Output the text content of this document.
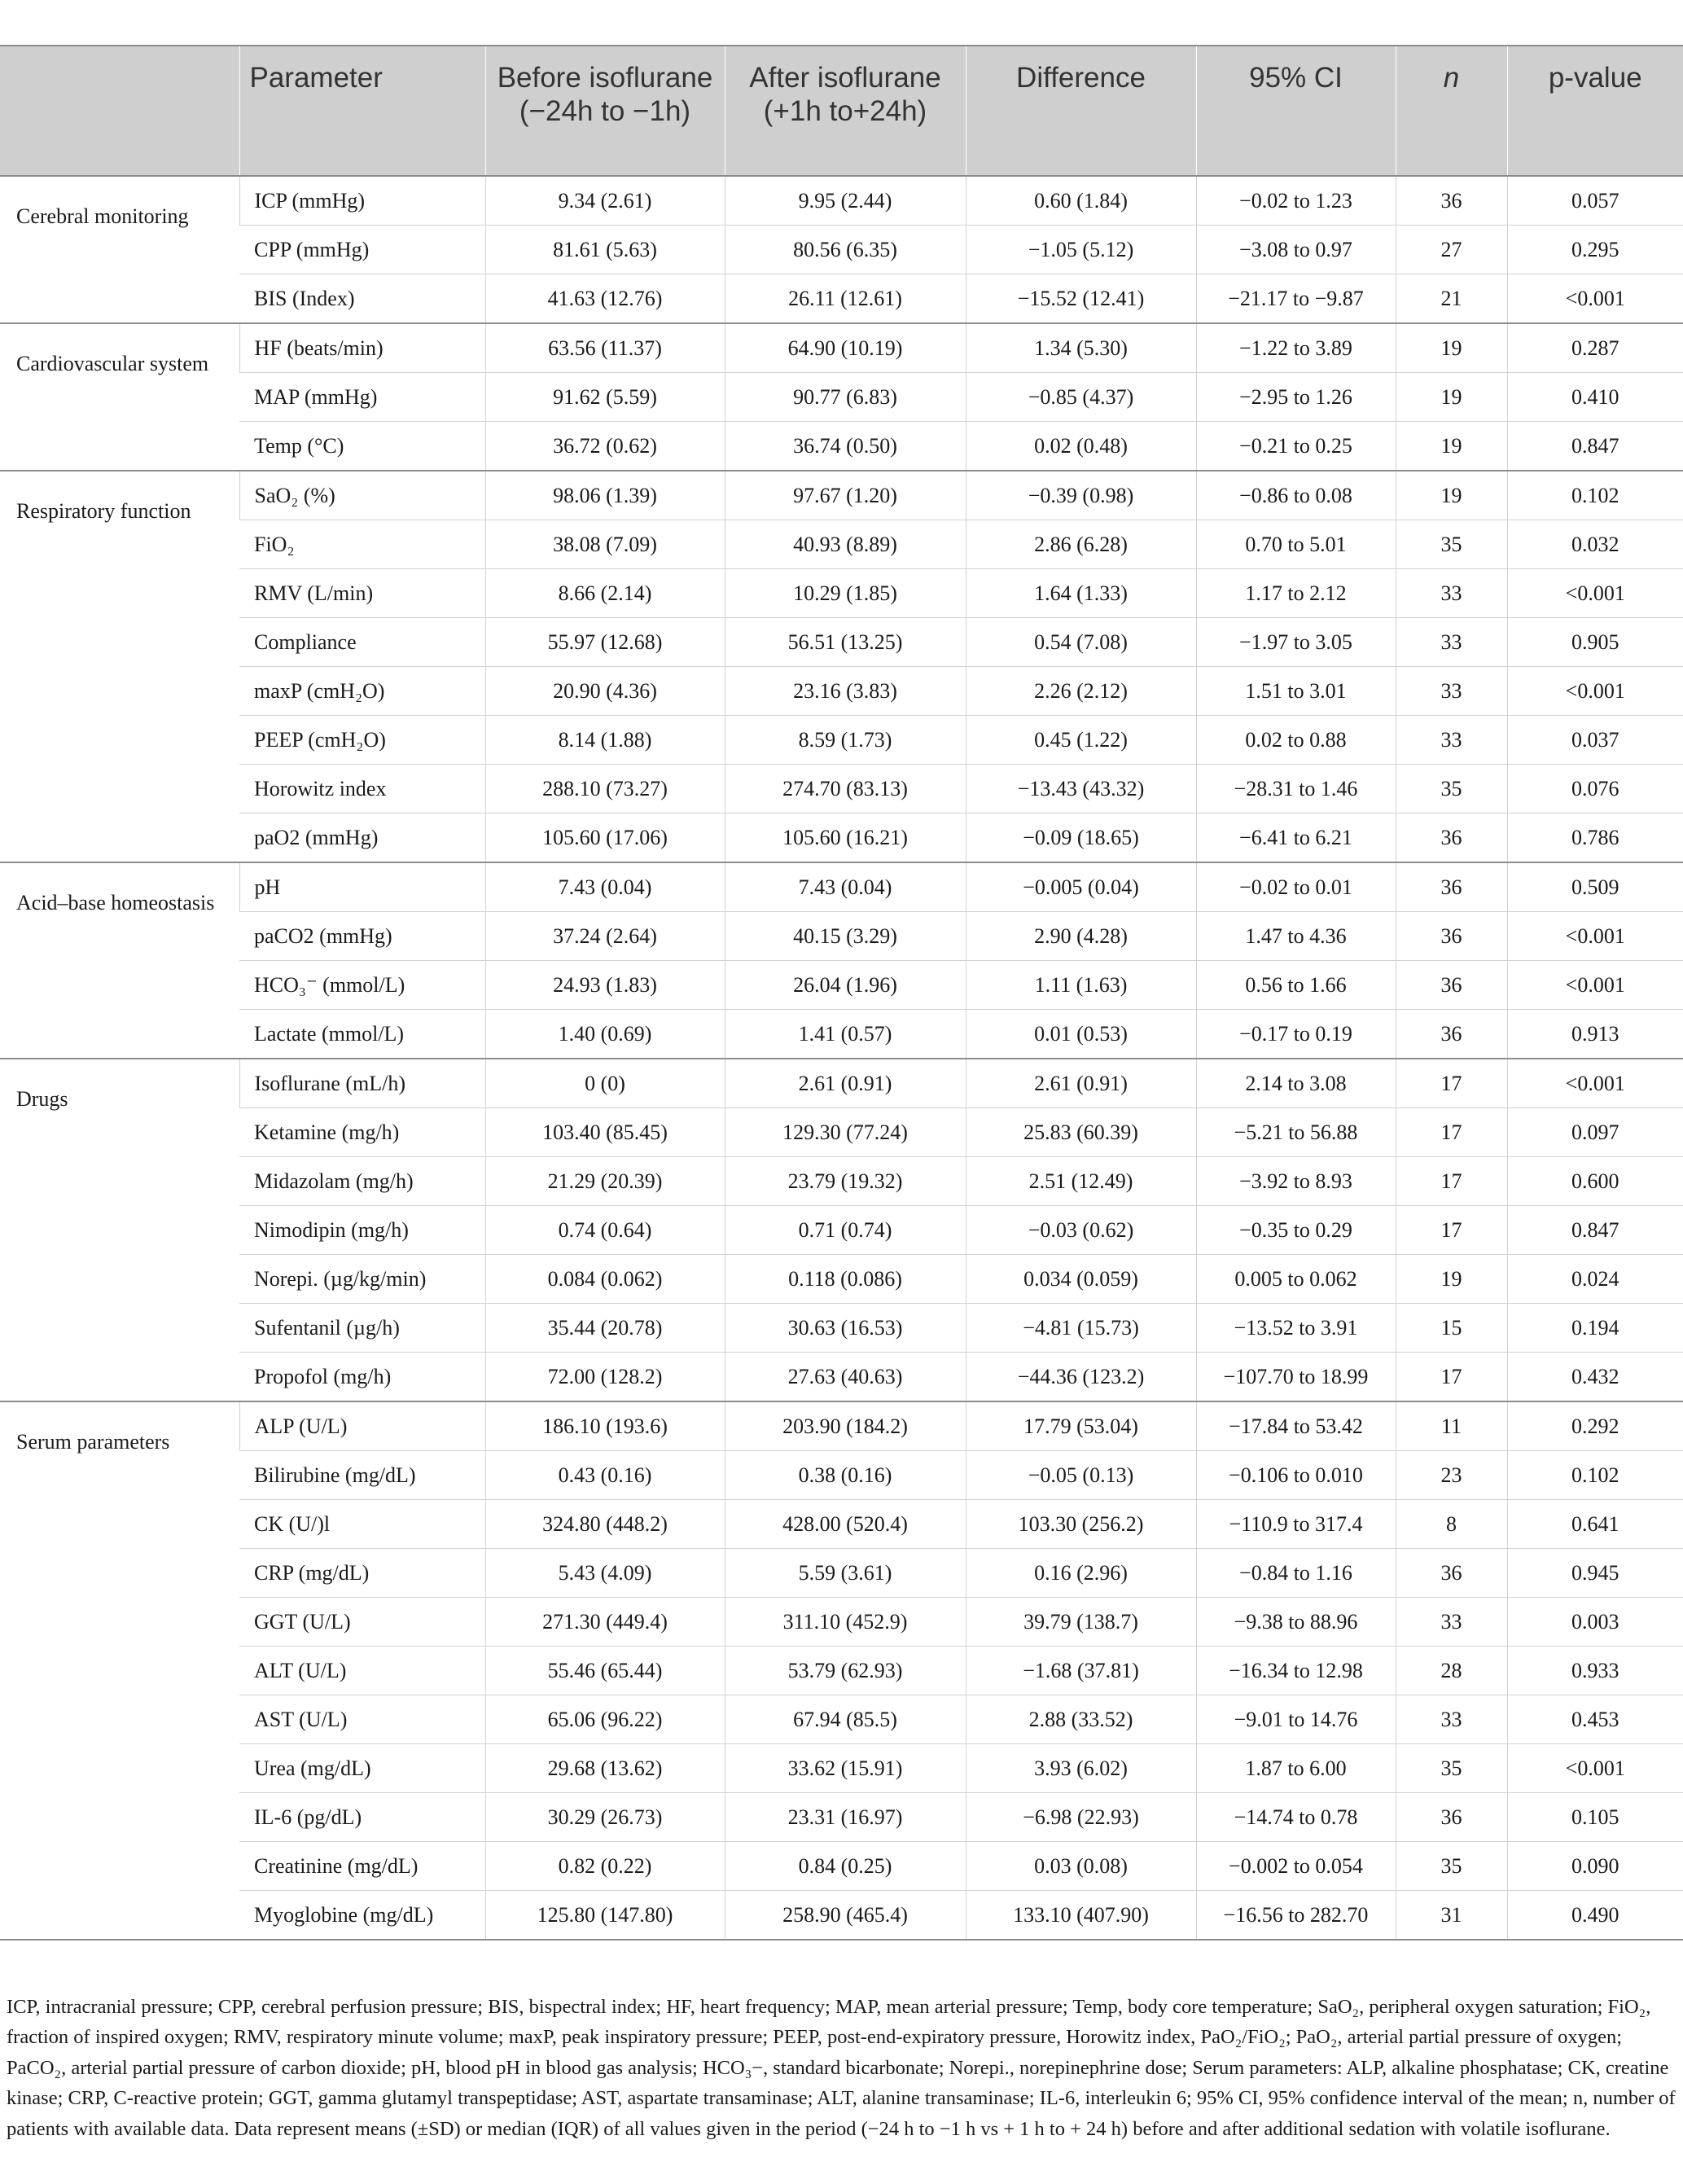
	Parameter	Before isoflurane (−24h to −1h)	After isoflurane (+1h to+24h)	Difference	95% CI	n	p-value
Cerebral monitoring	ICP (mmHg)	9.34 (2.61)	9.95 (2.44)	0.60 (1.84)	−0.02 to 1.23	36	0.057
	CPP (mmHg)	81.61 (5.63)	80.56 (6.35)	−1.05 (5.12)	−3.08 to 0.97	27	0.295
	BIS (Index)	41.63 (12.76)	26.11 (12.61)	−15.52 (12.41)	−21.17 to −9.87	21	<0.001
Cardiovascular system	HF (beats/min)	63.56 (11.37)	64.90 (10.19)	1.34 (5.30)	−1.22 to 3.89	19	0.287
	MAP (mmHg)	91.62 (5.59)	90.77 (6.83)	−0.85 (4.37)	−2.95 to 1.26	19	0.410
	Temp (°C)	36.72 (0.62)	36.74 (0.50)	0.02 (0.48)	−0.21 to 0.25	19	0.847
Respiratory function	SaO₂ (%)	98.06 (1.39)	97.67 (1.20)	−0.39 (0.98)	−0.86 to 0.08	19	0.102
	FiO₂	38.08 (7.09)	40.93 (8.89)	2.86 (6.28)	0.70 to 5.01	35	0.032
	RMV (L/min)	8.66 (2.14)	10.29 (1.85)	1.64 (1.33)	1.17 to 2.12	33	<0.001
	Compliance	55.97 (12.68)	56.51 (13.25)	0.54 (7.08)	−1.97 to 3.05	33	0.905
	maxP (cmH₂O)	20.90 (4.36)	23.16 (3.83)	2.26 (2.12)	1.51 to 3.01	33	<0.001
	PEEP (cmH₂O)	8.14 (1.88)	8.59 (1.73)	0.45 (1.22)	0.02 to 0.88	33	0.037
	Horowitz index	288.10 (73.27)	274.70 (83.13)	−13.43 (43.32)	−28.31 to 1.46	35	0.076
	paO2 (mmHg)	105.60 (17.06)	105.60 (16.21)	−0.09 (18.65)	−6.41 to 6.21	36	0.786
Acid–base homeostasis	pH	7.43 (0.04)	7.43 (0.04)	−0.005 (0.04)	−0.02 to 0.01	36	0.509
	paCO2 (mmHg)	37.24 (2.64)	40.15 (3.29)	2.90 (4.28)	1.47 to 4.36	36	<0.001
	HCO₃⁻ (mmol/L)	24.93 (1.83)	26.04 (1.96)	1.11 (1.63)	0.56 to 1.66	36	<0.001
	Lactate (mmol/L)	1.40 (0.69)	1.41 (0.57)	0.01 (0.53)	−0.17 to 0.19	36	0.913
Drugs	Isoflurane (mL/h)	0 (0)	2.61 (0.91)	2.61 (0.91)	2.14 to 3.08	17	<0.001
	Ketamine (mg/h)	103.40 (85.45)	129.30 (77.24)	25.83 (60.39)	−5.21 to 56.88	17	0.097
	Midazolam (mg/h)	21.29 (20.39)	23.79 (19.32)	2.51 (12.49)	−3.92 to 8.93	17	0.600
	Nimodipin (mg/h)	0.74 (0.64)	0.71 (0.74)	−0.03 (0.62)	−0.35 to 0.29	17	0.847
	Norepi. (µg/kg/min)	0.084 (0.062)	0.118 (0.086)	0.034 (0.059)	0.005 to 0.062	19	0.024
	Sufentanil (µg/h)	35.44 (20.78)	30.63 (16.53)	−4.81 (15.73)	−13.52 to 3.91	15	0.194
	Propofol (mg/h)	72.00 (128.2)	27.63 (40.63)	−44.36 (123.2)	−107.70 to 18.99	17	0.432
Serum parameters	ALP (U/L)	186.10 (193.6)	203.90 (184.2)	17.79 (53.04)	−17.84 to 53.42	11	0.292
	Bilirubine (mg/dL)	0.43 (0.16)	0.38 (0.16)	−0.05 (0.13)	−0.106 to 0.010	23	0.102
	CK (U/)l	324.80 (448.2)	428.00 (520.4)	103.30 (256.2)	−110.9 to 317.4	8	0.641
	CRP (mg/dL)	5.43 (4.09)	5.59 (3.61)	0.16 (2.96)	−0.84 to 1.16	36	0.945
	GGT (U/L)	271.30 (449.4)	311.10 (452.9)	39.79 (138.7)	−9.38 to 88.96	33	0.003
	ALT (U/L)	55.46 (65.44)	53.79 (62.93)	−1.68 (37.81)	−16.34 to 12.98	28	0.933
	AST (U/L)	65.06 (96.22)	67.94 (85.5)	2.88 (33.52)	−9.01 to 14.76	33	0.453
	Urea (mg/dL)	29.68 (13.62)	33.62 (15.91)	3.93 (6.02)	1.87 to 6.00	35	<0.001
	IL-6 (pg/dL)	30.29 (26.73)	23.31 (16.97)	−6.98 (22.93)	−14.74 to 0.78	36	0.105
	Creatinine (mg/dL)	0.82 (0.22)	0.84 (0.25)	0.03 (0.08)	−0.002 to 0.054	35	0.090
	Myoglobine (mg/dL)	125.80 (147.80)	258.90 (465.4)	133.10 (407.90)	−16.56 to 282.70	31	0.490
ICP, intracranial pressure; CPP, cerebral perfusion pressure; BIS, bispectral index; HF, heart frequency; MAP, mean arterial pressure; Temp, body core temperature; SaO₂, peripheral oxygen saturation; FiO₂, fraction of inspired oxygen; RMV, respiratory minute volume; maxP, peak inspiratory pressure; PEEP, post-end-expiratory pressure, Horowitz index, PaO₂/FiO₂; PaO₂, arterial partial pressure of oxygen; PaCO₂, arterial partial pressure of carbon dioxide; pH, blood pH in blood gas analysis; HCO₃−, standard bicarbonate; Norepi., norepinephrine dose; Serum parameters: ALP, alkaline phosphatase; CK, creatine kinase; CRP, C-reactive protein; GGT, gamma glutamyl transpeptidase; AST, aspartate transaminase; ALT, alanine transaminase; IL-6, interleukin 6; 95% CI, 95% confidence interval of the mean; n, number of patients with available data. Data represent means (±SD) or median (IQR) of all values given in the period (−24 h to −1 h vs + 1 h to + 24 h) before and after additional sedation with volatile isoflurane.
